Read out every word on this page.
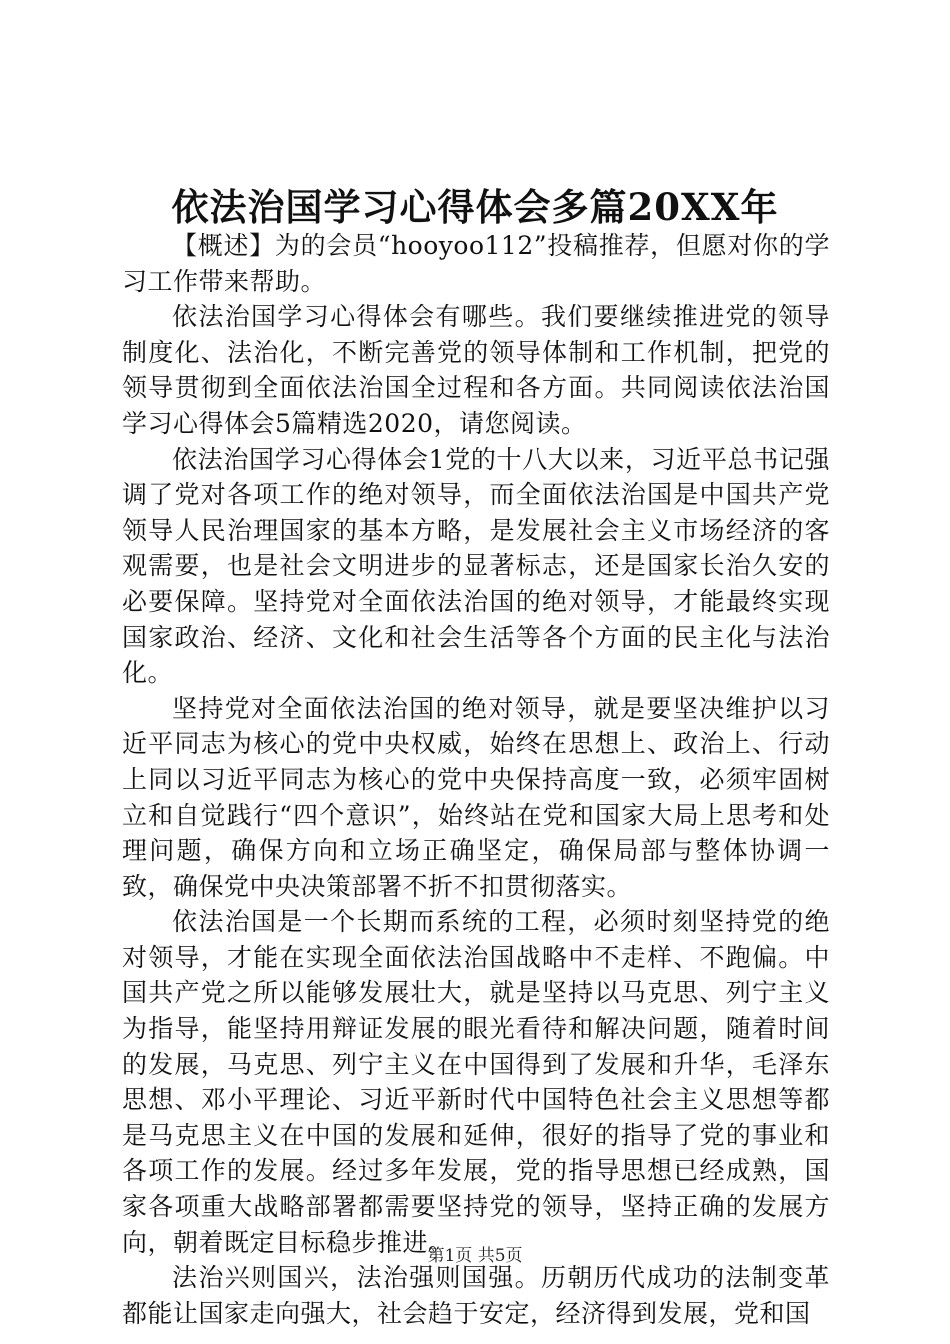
依法治国学习心得体会多篇20XX年

【概述】为的会员“hooyoo112”投稿推荐，但愿对你的学习工作带来帮助。

依法治国学习心得体会有哪些。我们要继续推进党的领导制度化、法治化，不断完善党的领导体制和工作机制，把党的领导贯彻到全面依法治国全过程和各方面。共同阅读依法治国学习心得体会5篇精选2020，请您阅读。

依法治国学习心得体会1党的十八大以来，习近平总书记强调了党对各项工作的绝对领导，而全面依法治国是中国共产党领导人民治理国家的基本方略，是发展社会主义市场经济的客观需要，也是社会文明进步的显著标志，还是国家长治久安的必要保障。坚持党对全面依法治国的绝对领导，才能最终实现国家政治、经济、文化和社会生活等各个方面的民主化与法治化。

坚持党对全面依法治国的绝对领导，就是要坚决维护以习近平同志为核心的党中央权威，始终在思想上、政治上、行动上同以习近平同志为核心的党中央保持高度一致，必须牢固树立和自觉践行“四个意识”，始终站在党和国家大局上思考和处理问题，确保方向和立场正确坚定，确保局部与整体协调一致，确保党中央决策部署不折不扣贯彻落实。

依法治国是一个长期而系统的工程，必须时刻坚持党的绝对领导，才能在实现全面依法治国战略中不走样、不跑偏。中国共产党之所以能够发展壮大，就是坚持以马克思、列宁主义为指导，能坚持用辩证发展的眼光看待和解决问题，随着时间的发展，马克思、列宁主义在中国得到了发展和升华，毛泽东思想、邓小平理论、习近平新时代中国特色社会主义思想等都是马克思主义在中国的发展和延伸，很好的指导了党的事业和各项工作的发展。经过多年发展，党的指导思想已经成熟，国家各项重大战略部署都需要坚持党的领导，坚持正确的发展方向，朝着既定目标稳步推进。

法治兴则国兴，法治强则国强。历朝历代成功的法制变革都能让国家走向强大，社会趋于安定，经济得到发展，党和国

第1页 共5页
